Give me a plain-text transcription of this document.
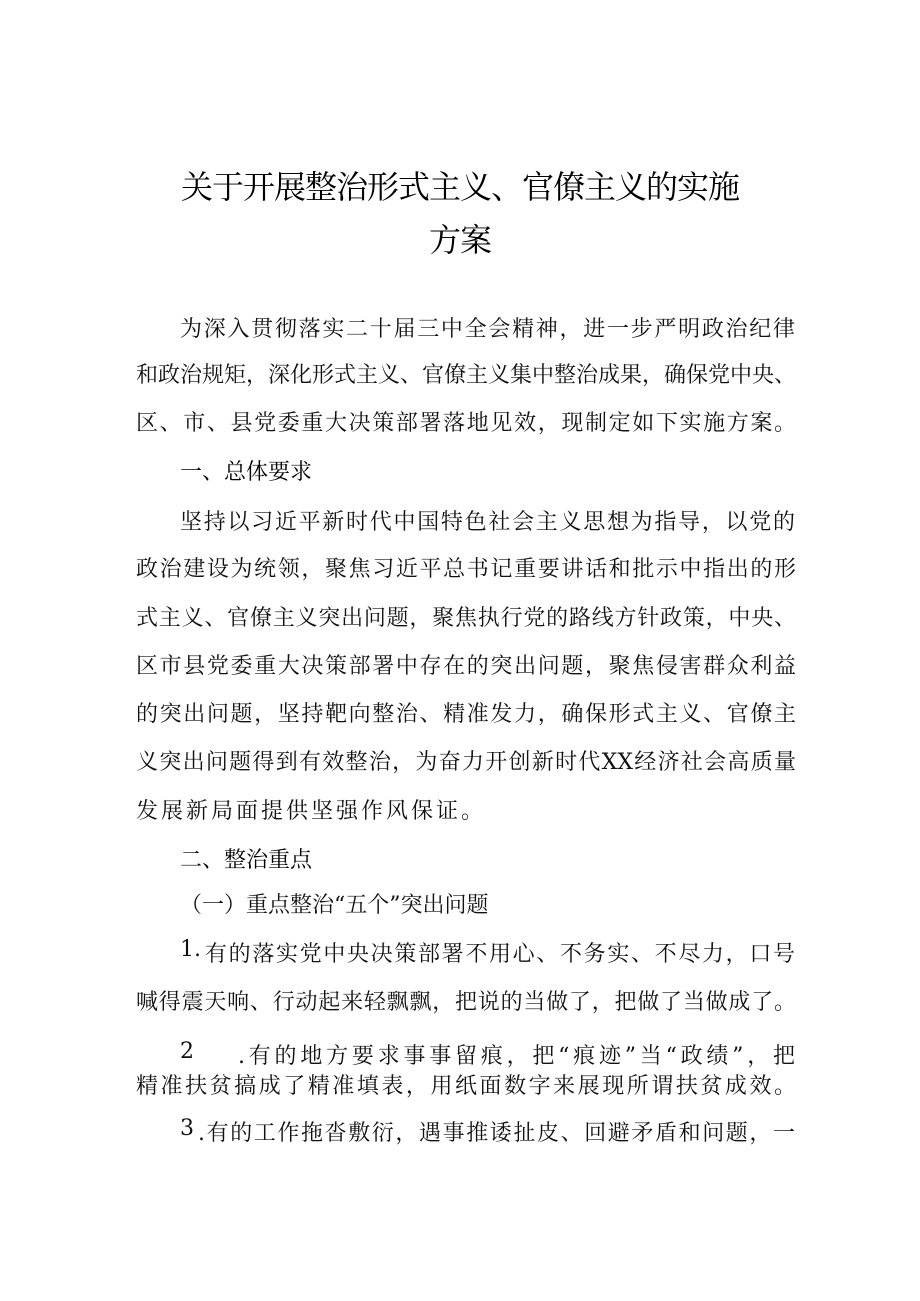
关于开展整治形式主义、官僚主义的实施
方案
为深入贯彻落实二十届三中全会精神，进一步严明政治纪律
和政治规矩，深化形式主义、官僚主义集中整治成果，确保党中央、
区、市、县党委重大决策部署落地见效，现制定如下实施方案。
一、总体要求
坚持以习近平新时代中国特色社会主义思想为指导，以党的
政治建设为统领，聚焦习近平总书记重要讲话和批示中指出的形
式主义、官僚主义突出问题，聚焦执行党的路线方针政策，中央、
区市县党委重大决策部署中存在的突出问题，聚焦侵害群众利益
的突出问题，坚持靶向整治、精准发力，确保形式主义、官僚主
义突出问题得到有效整治，为奋力开创新时代XX经济社会高质量
发展新局面提供坚强作风保证。
二、整治重点
（一）重点整治“五个”突出问题
1. 有的落实党中央决策部署不用心、不务实、不尽力，口号
喊得震天响、行动起来轻飘飘，把说的当做了，把做了当做成了。
2 .有的地方要求事事留痕，把“痕迹”当“政绩”，把
精准扶贫搞成了精准填表，用纸面数字来展现所谓扶贫成效。
3 .有的工作拖沓敷衍，遇事推诿扯皮、回避矛盾和问题，一
